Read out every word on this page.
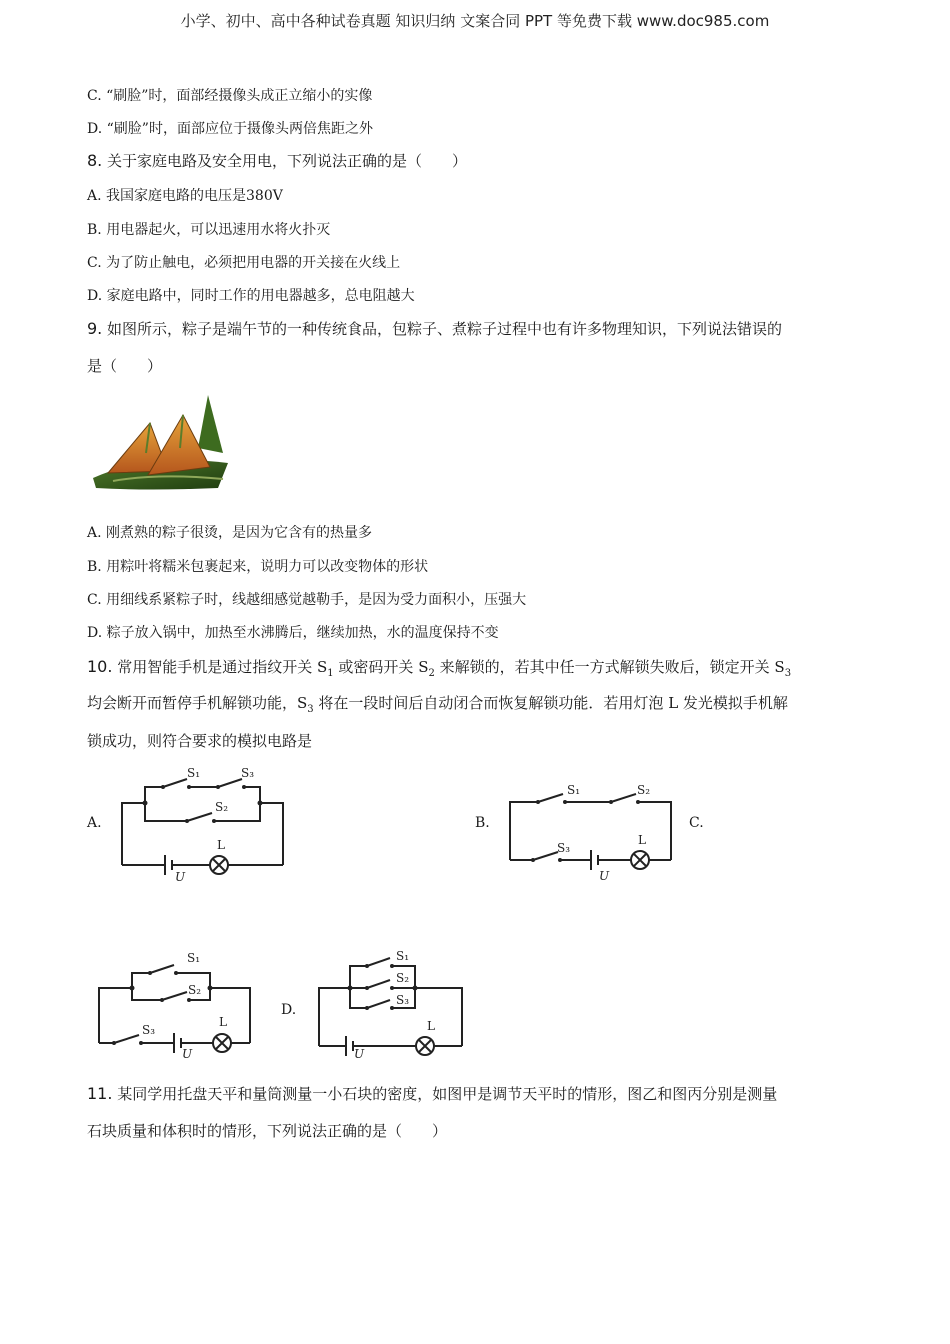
小学、初中、高中各种试卷真题 知识归纳 文案合同 PPT 等免费下载 www.doc985.com
C. “刷脸”时，面部经摄像头成正立缩小的实像
D. “刷脸”时，面部应位于摄像头两倍焦距之外
8. 关于家庭电路及安全用电，下列说法正确的是（　　）
A. 我国家庭电路的电压是380V
B. 用电器起火，可以迅速用水将火扑灭
C. 为了防止触电，必须把用电器的开关接在火线上
D. 家庭电路中，同时工作的用电器越多，总电阻越大
9. 如图所示，粽子是端午节的一种传统食品，包粽子、煮粽子过程中也有许多物理知识，下列说法错误的
是（　　）
A. 刚煮熟的粽子很烫，是因为它含有的热量多
B. 用粽叶将糯米包裹起来，说明力可以改变物体的形状
C. 用细线系紧粽子时，线越细感觉越勒手，是因为受力面积小，压强大
D. 粽子放入锅中，加热至水沸腾后，继续加热，水的温度保持不变
10. 常用智能手机是通过指纹开关 $S_1$ 或密码开关 $S_2$ 来解锁的，若其中任一方式解锁失败后，锁定开关 $S_3$
均会断开而暂停手机解锁功能，$S_3$ 将在一段时间后自动闭合而恢复解锁功能．若用灯泡 L 发光模拟手机解
锁成功，则符合要求的模拟电路是
A.	B.	C.
D.
S₁	S₃
S₂
L
U
S₁	S₂
S₃
L
U
S₁
S₂
S₃
L
U
S₁
S₂
S₃
L
U
11. 某同学用托盘天平和量筒测量一小石块的密度，如图甲是调节天平时的情形，图乙和图丙分别是测量
石块质量和体积时的情形，下列说法正确的是（　　）
